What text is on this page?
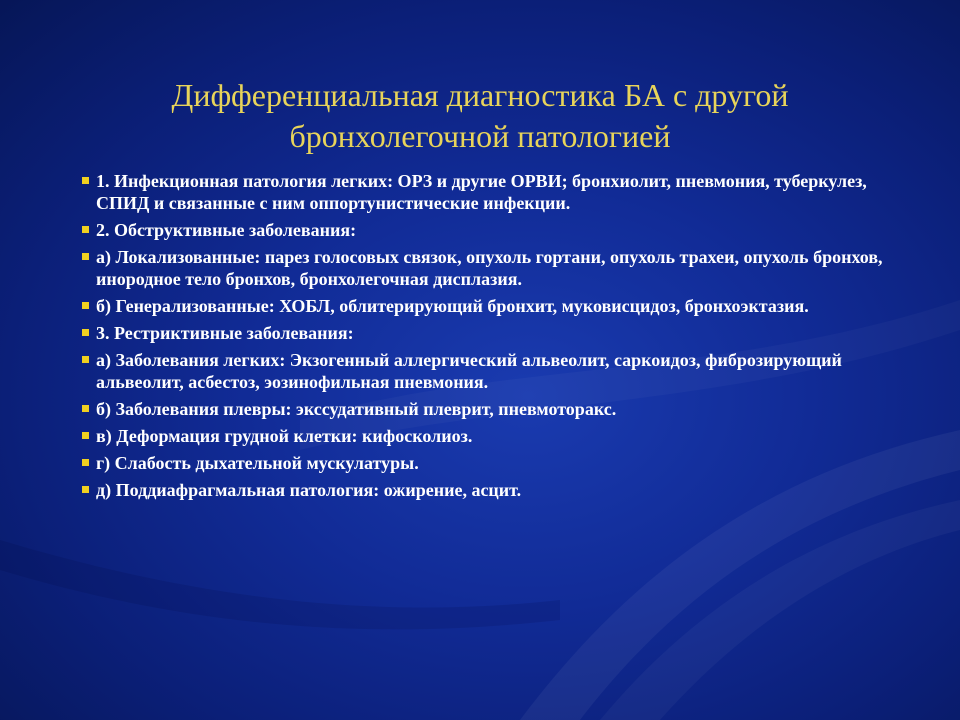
Дифференциальная диагностика БА с другой
бронхолегочной патологией
1. Инфекционная патология легких: ОРЗ и другие ОРВИ; бронхиолит, пневмония, туберкулез, СПИД и связанные с ним оппортунистические инфекции.
2. Обструктивные заболевания:
а) Локализованные: парез голосовых связок, опухоль гортани, опухоль трахеи, опухоль бронхов, инородное тело бронхов, бронхолегочная дисплазия.
б) Генерализованные: ХОБЛ, облитерирующий бронхит, муковисцидоз, бронхоэктазия.
3. Рестриктивные заболевания:
а) Заболевания легких: Экзогенный аллергический альвеолит, саркоидоз, фиброзирующий альвеолит, асбестоз, эозинофильная пневмония.
б) Заболевания плевры: экссудативный плеврит, пневмоторакс.
в) Деформация грудной клетки: кифосколиоз.
г) Слабость дыхательной мускулатуры.
д) Поддиафрагмальная патология: ожирение, асцит.
